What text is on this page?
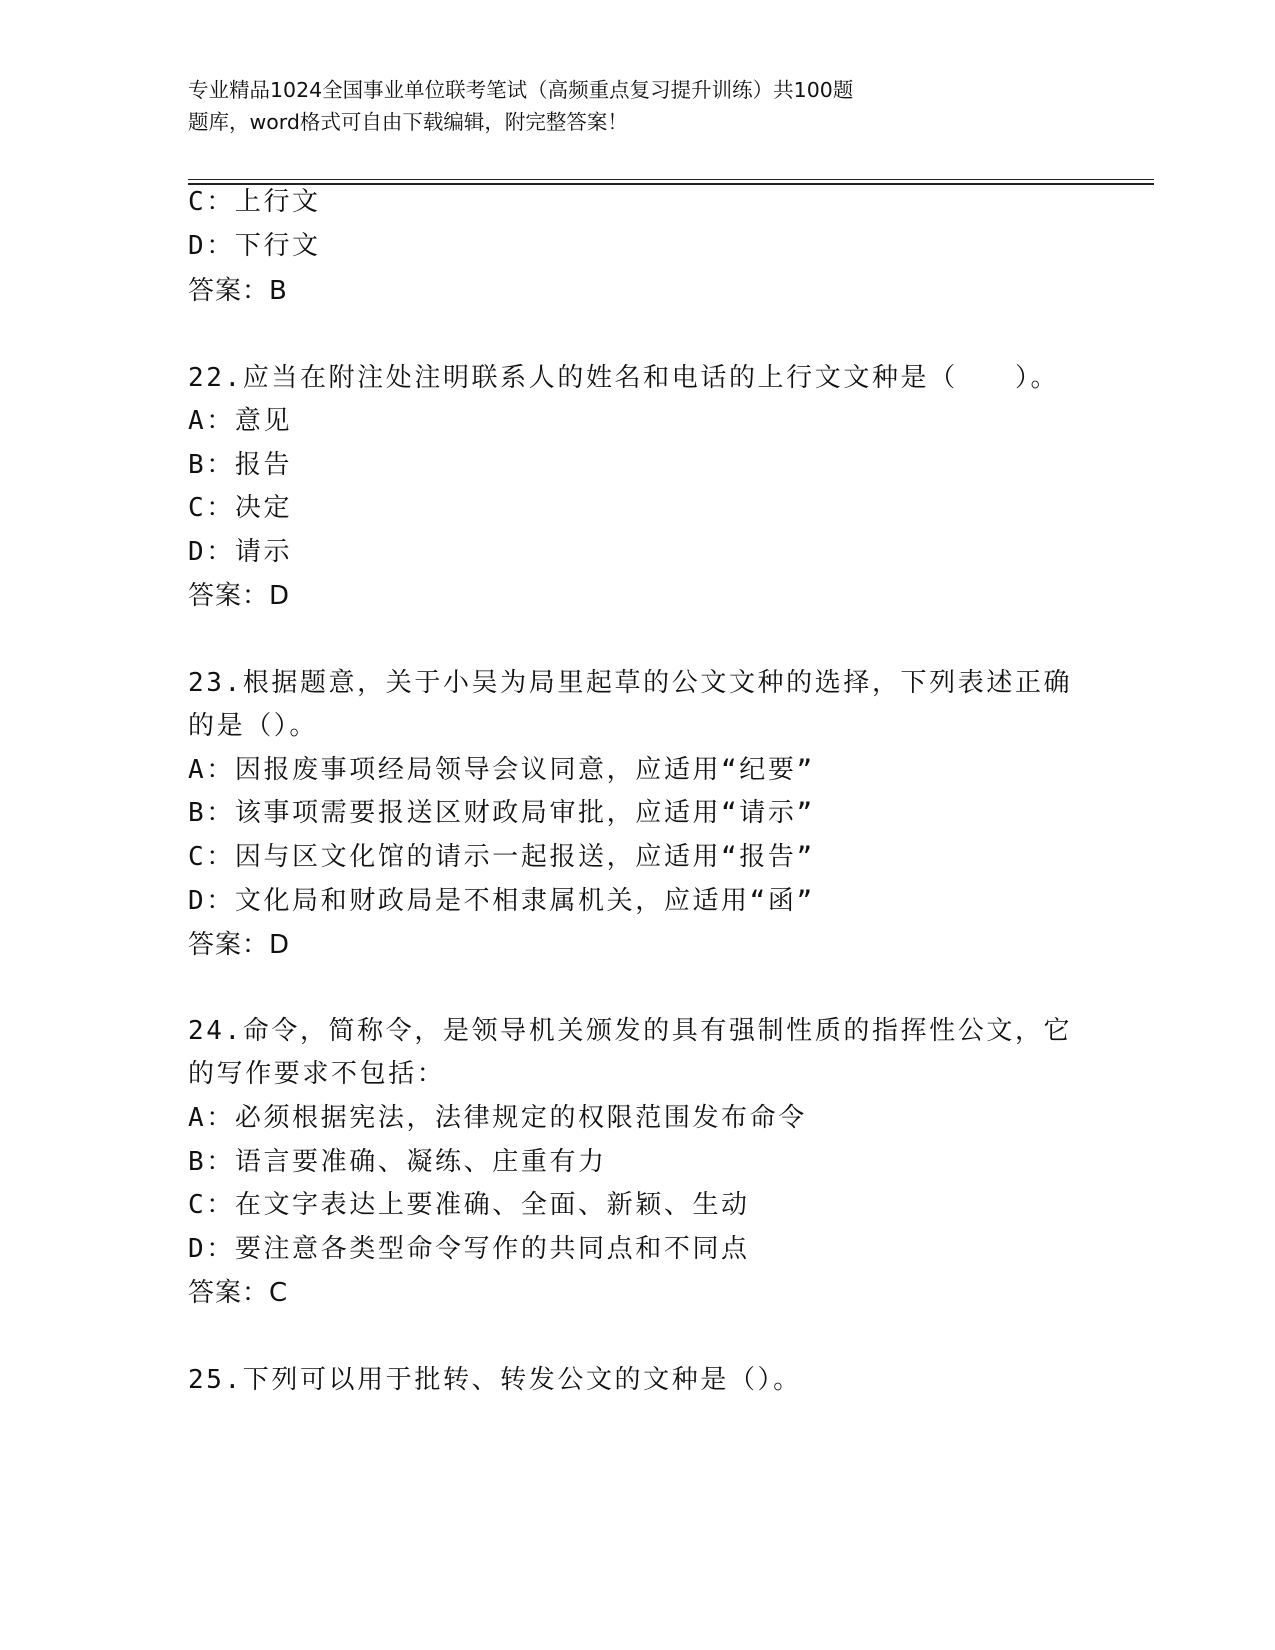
专业精品1024全国事业单位联考笔试（高频重点复习提升训练）共100题
题库，word格式可自由下载编辑，附完整答案！
C：上行文
D：下行文
答案：B
22.应当在附注处注明联系人的姓名和电话的上行文文种是（　　）。
A：意见
B：报告
C：决定
D：请示
答案：D
23.根据题意，关于小吴为局里起草的公文文种的选择，下列表述正确
的是（）。
A：因报废事项经局领导会议同意，应适用“纪要”
B：该事项需要报送区财政局审批，应适用“请示”
C：因与区文化馆的请示一起报送，应适用“报告”
D：文化局和财政局是不相隶属机关，应适用“函”
答案：D
24.命令，简称令，是领导机关颁发的具有强制性质的指挥性公文，它
的写作要求不包括：
A：必须根据宪法，法律规定的权限范围发布命令
B：语言要准确、凝练、庄重有力
C：在文字表达上要准确、全面、新颖、生动
D：要注意各类型命令写作的共同点和不同点
答案：C
25.下列可以用于批转、转发公文的文种是（）。
